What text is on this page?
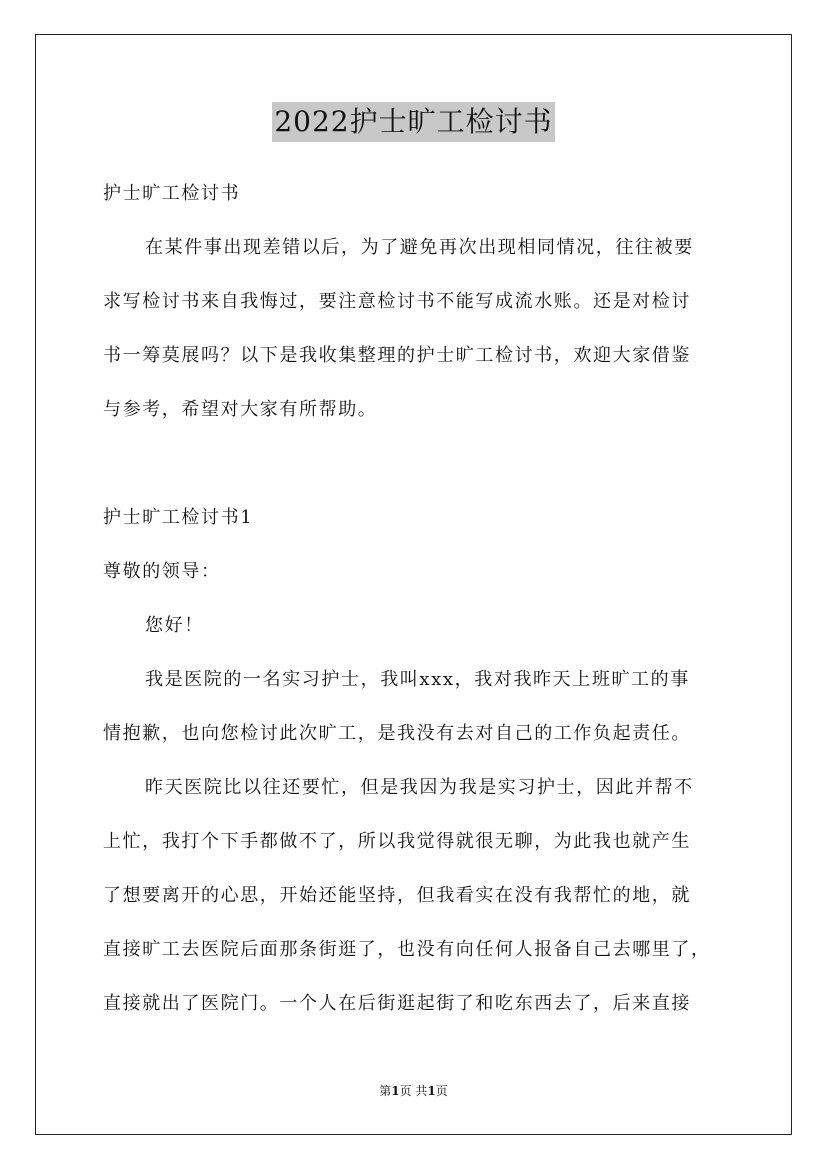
2022护士旷工检讨书
护士旷工检讨书
在某件事出现差错以后，为了避免再次出现相同情况，往往被要
求写检讨书来自我悔过，要注意检讨书不能写成流水账。还是对检讨
书一筹莫展吗？以下是我收集整理的护士旷工检讨书，欢迎大家借鉴
与参考，希望对大家有所帮助。
护士旷工检讨书1
尊敬的领导：
您好！
我是医院的一名实习护士，我叫xxx，我对我昨天上班旷工的事
情抱歉，也向您检讨此次旷工，是我没有去对自己的工作负起责任。
昨天医院比以往还要忙，但是我因为我是实习护士，因此并帮不
上忙，我打个下手都做不了，所以我觉得就很无聊，为此我也就产生
了想要离开的心思，开始还能坚持，但我看实在没有我帮忙的地，就
直接旷工去医院后面那条街逛了，也没有向任何人报备自己去哪里了，
直接就出了医院门。一个人在后街逛起街了和吃东西去了，后来直接
第1页 共1页
